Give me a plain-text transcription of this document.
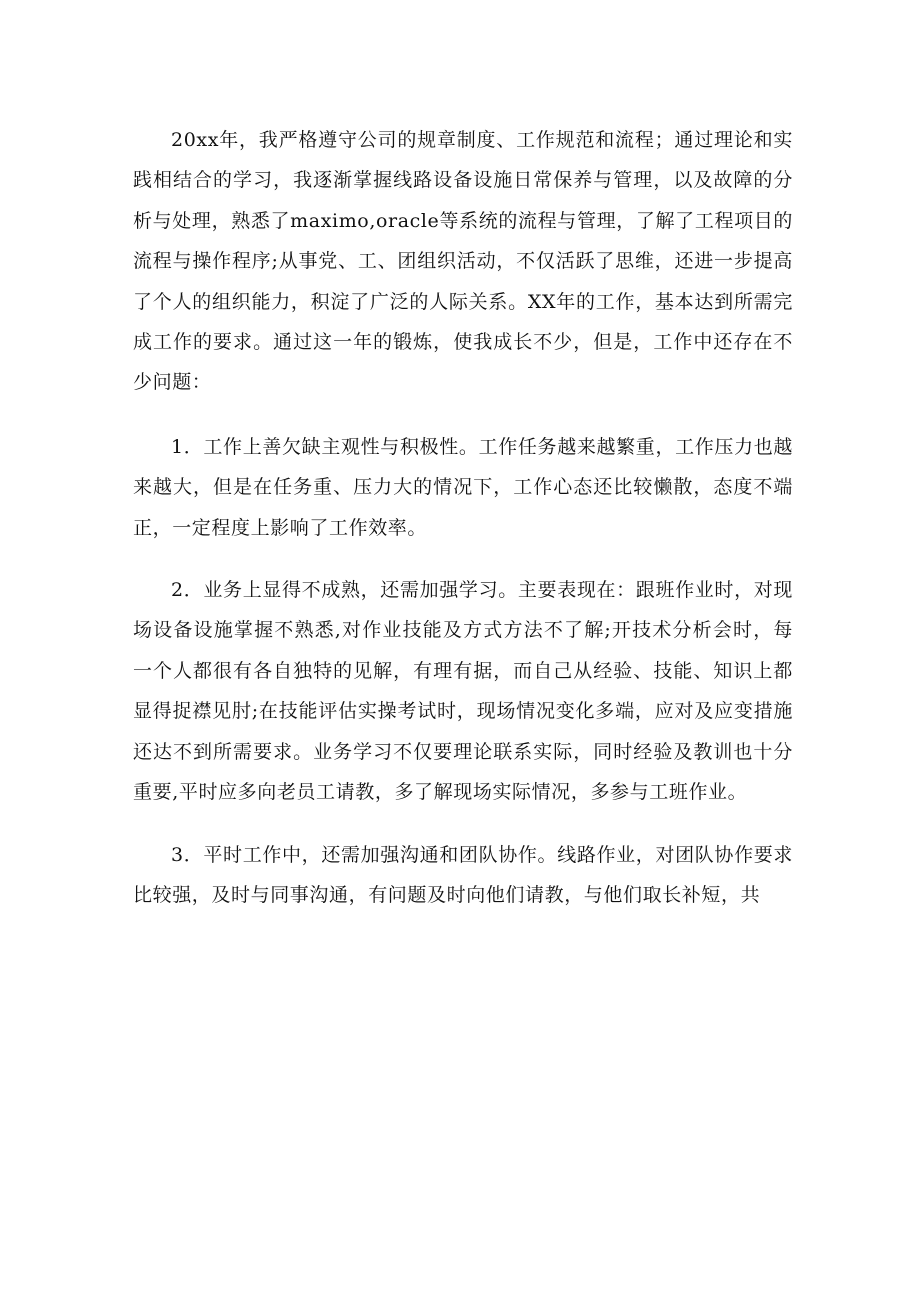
20xx年，我严格遵守公司的规章制度、工作规范和流程；通过理论和实践相结合的学习，我逐渐掌握线路设备设施日常保养与管理，以及故障的分析与处理，熟悉了maximo,oracle等系统的流程与管理，了解了工程项目的流程与操作程序;从事党、工、团组织活动，不仅活跃了思维，还进一步提高了个人的组织能力，积淀了广泛的人际关系。XX年的工作，基本达到所需完成工作的要求。通过这一年的锻炼，使我成长不少，但是，工作中还存在不少问题：

1．工作上善欠缺主观性与积极性。工作任务越来越繁重，工作压力也越来越大，但是在任务重、压力大的情况下，工作心态还比较懒散，态度不端正，一定程度上影响了工作效率。

2．业务上显得不成熟，还需加强学习。主要表现在：跟班作业时，对现场设备设施掌握不熟悉,对作业技能及方式方法不了解;开技术分析会时，每一个人都很有各自独特的见解，有理有据，而自己从经验、技能、知识上都显得捉襟见肘;在技能评估实操考试时，现场情况变化多端，应对及应变措施还达不到所需要求。业务学习不仅要理论联系实际，同时经验及教训也十分重要,平时应多向老员工请教，多了解现场实际情况，多参与工班作业。

3．平时工作中，还需加强沟通和团队协作。线路作业，对团队协作要求比较强，及时与同事沟通，有问题及时向他们请教，与他们取长补短，共
